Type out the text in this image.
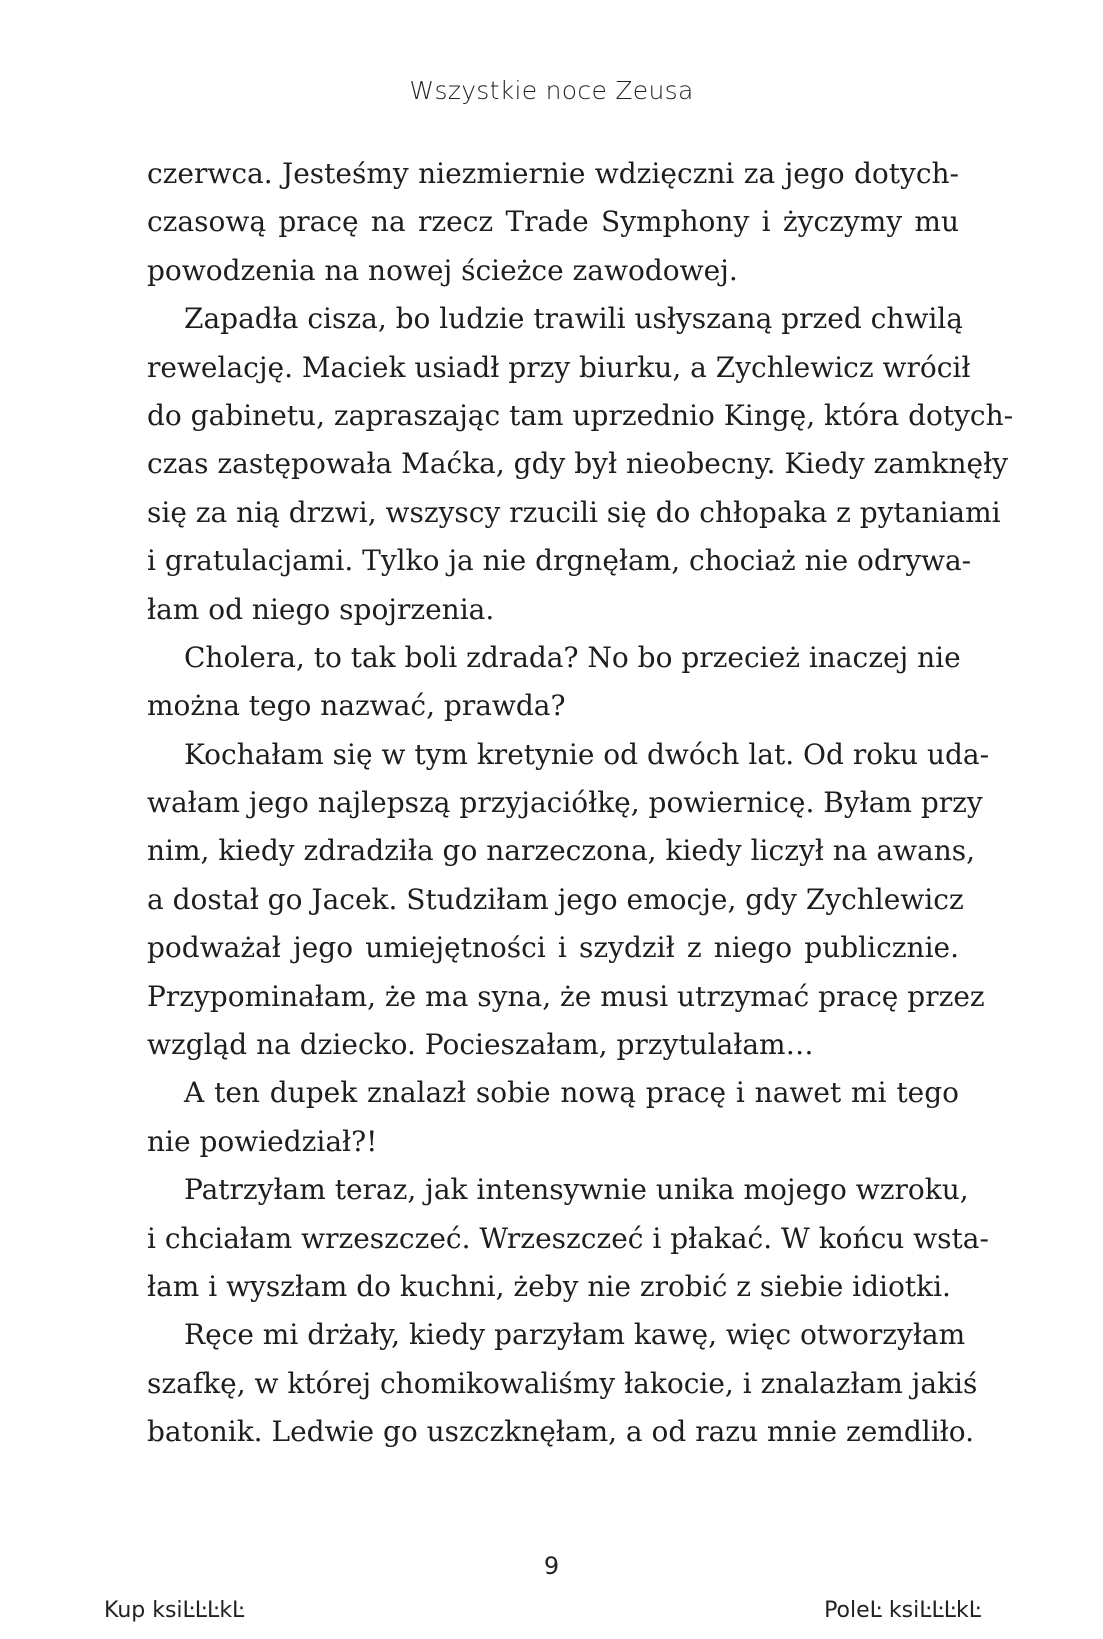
Wszystkie noce Zeusa
czerwca. Jesteśmy niezmiernie wdzięczni za jego dotych-
czasową pracę na rzecz Trade Symphony i życzymy mu
powodzenia na nowej ścieżce zawodowej.
Zapadła cisza, bo ludzie trawili usłyszaną przed chwilą
rewelację. Maciek usiadł przy biurku, a Zychlewicz wrócił
do gabinetu, zapraszając tam uprzednio Kingę, która dotych-
czas zastępowała Maćka, gdy był nieobecny. Kiedy zamknęły
się za nią drzwi, wszyscy rzucili się do chłopaka z pytaniami
i gratulacjami. Tylko ja nie drgnęłam, chociaż nie odrywa-
łam od niego spojrzenia.
Cholera, to tak boli zdrada? No bo przecież inaczej nie
można tego nazwać, prawda?
Kochałam się w tym kretynie od dwóch lat. Od roku uda-
wałam jego najlepszą przyjaciółkę, powiernicę. Byłam przy
nim, kiedy zdradziła go narzeczona, kiedy liczył na awans,
a dostał go Jacek. Studziłam jego emocje, gdy Zychlewicz
podważał jego umiejętności i szydził z niego publicznie.
Przypominałam, że ma syna, że musi utrzymać pracę przez
wzgląd na dziecko. Pocieszałam, przytulałam…
A ten dupek znalazł sobie nową pracę i nawet mi tego
nie powiedział?!
Patrzyłam teraz, jak intensywnie unika mojego wzroku,
i chciałam wrzeszczeć. Wrzeszczeć i płakać. W końcu wsta-
łam i wyszłam do kuchni, żeby nie zrobić z siebie idiotki.
Ręce mi drżały, kiedy parzyłam kawę, więc otworzyłam
szafkę, w której chomikowaliśmy łakocie, i znalazłam jakiś
batonik. Ledwie go uszczknęłam, a od razu mnie zemdliło.
9
Kup ksiĿĿĿkĿ	PoleĿ ksiĿĿĿkĿ
